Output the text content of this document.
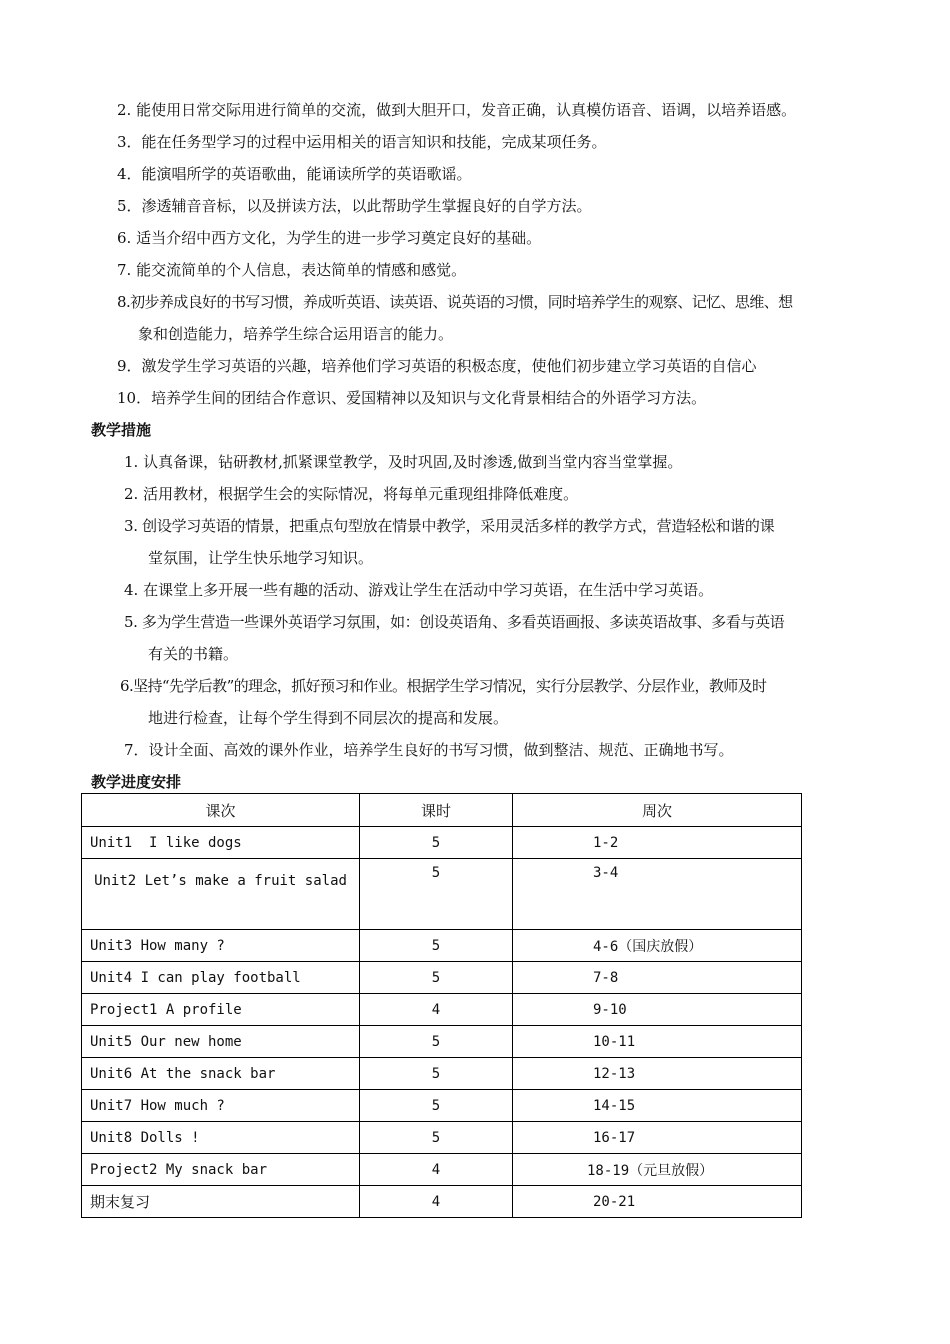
2. 能使用日常交际用进行简单的交流，做到大胆开口，发音正确，认真模仿语音、语调，以培养语感。
3．能在任务型学习的过程中运用相关的语言知识和技能，完成某项任务。
4．能演唱所学的英语歌曲，能诵读所学的英语歌谣。
5．渗透辅音音标，以及拼读方法，以此帮助学生掌握良好的自学方法。
6. 适当介绍中西方文化，为学生的进一步学习奠定良好的基础。
7. 能交流简单的个人信息，表达简单的情感和感觉。
8.初步养成良好的书写习惯，养成听英语、读英语、说英语的习惯，同时培养学生的观察、记忆、思维、想
象和创造能力，培养学生综合运用语言的能力。
9．激发学生学习英语的兴趣，培养他们学习英语的积极态度，使他们初步建立学习英语的自信心
10．培养学生间的团结合作意识、爱国精神以及知识与文化背景相结合的外语学习方法。
教学措施
1. 认真备课，钻研教材,抓紧课堂教学，及时巩固,及时渗透,做到当堂内容当堂掌握。
2. 活用教材，根据学生会的实际情况，将每单元重现组排降低难度。
3. 创设学习英语的情景，把重点句型放在情景中教学，采用灵活多样的教学方式，营造轻松和谐的课
堂氛围，让学生快乐地学习知识。
4. 在课堂上多开展一些有趣的活动、游戏让学生在活动中学习英语，在生活中学习英语。
5. 多为学生营造一些课外英语学习氛围，如：创设英语角、多看英语画报、多读英语故事、多看与英语
有关的书籍。
6.坚持“先学后教”的理念，抓好预习和作业。根据学生学习情况，实行分层教学、分层作业，教师及时
地进行检查，让每个学生得到不同层次的提高和发展。
7．设计全面、高效的课外作业，培养学生良好的书写习惯，做到整洁、规范、正确地书写。
教学进度安排
课次	课时	周次
Unit1  I like dogs	5	1-2
Unit2 Let’s make a fruit salad	5	3-4
Unit3 How many ?	5	4-6（国庆放假）
Unit4 I can play football	5	7-8
Project1 A profile	4	9-10
Unit5 Our new home	5	10-11
Unit6 At the snack bar	5	12-13
Unit7 How much ?	5	14-15
Unit8 Dolls !	5	16-17
Project2 My snack bar	4	18-19（元旦放假）
期末复习	4	20-21
